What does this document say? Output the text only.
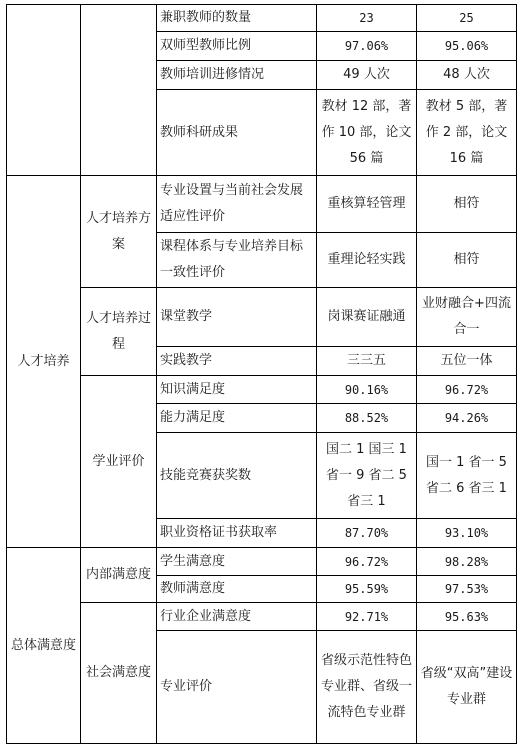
		兼职教师的数量	23	25
		双师型教师比例	97.06%	95.06%
		教师培训进修情况	49 人次	48 人次
		教师科研成果	教材 12 部，著作 10 部，论文 56 篇	教材 5 部，著作 2 部，论文 16 篇
人才培养	人才培养方案	专业设置与当前社会发展适应性评价	重核算轻管理	相符
		课程体系与专业培养目标一致性评价	重理论轻实践	相符
	人才培养过程	课堂教学	岗课赛证融通	业财融合+四流合一
		实践教学	三三五	五位一体
	学业评价	知识满足度	90.16%	96.72%
		能力满足度	88.52%	94.26%
		技能竞赛获奖数	国二 1 国三 1 省一 9 省二 5 省三 1	国一 1 省一 5 省二 6 省三 1
		职业资格证书获取率	87.70%	93.10%
总体满意度	内部满意度	学生满意度	96.72%	98.28%
		教师满意度	95.59%	97.53%
	社会满意度	行业企业满意度	92.71%	95.63%
		专业评价	省级示范性特色专业群、省级一流特色专业群	省级“双高”建设专业群
